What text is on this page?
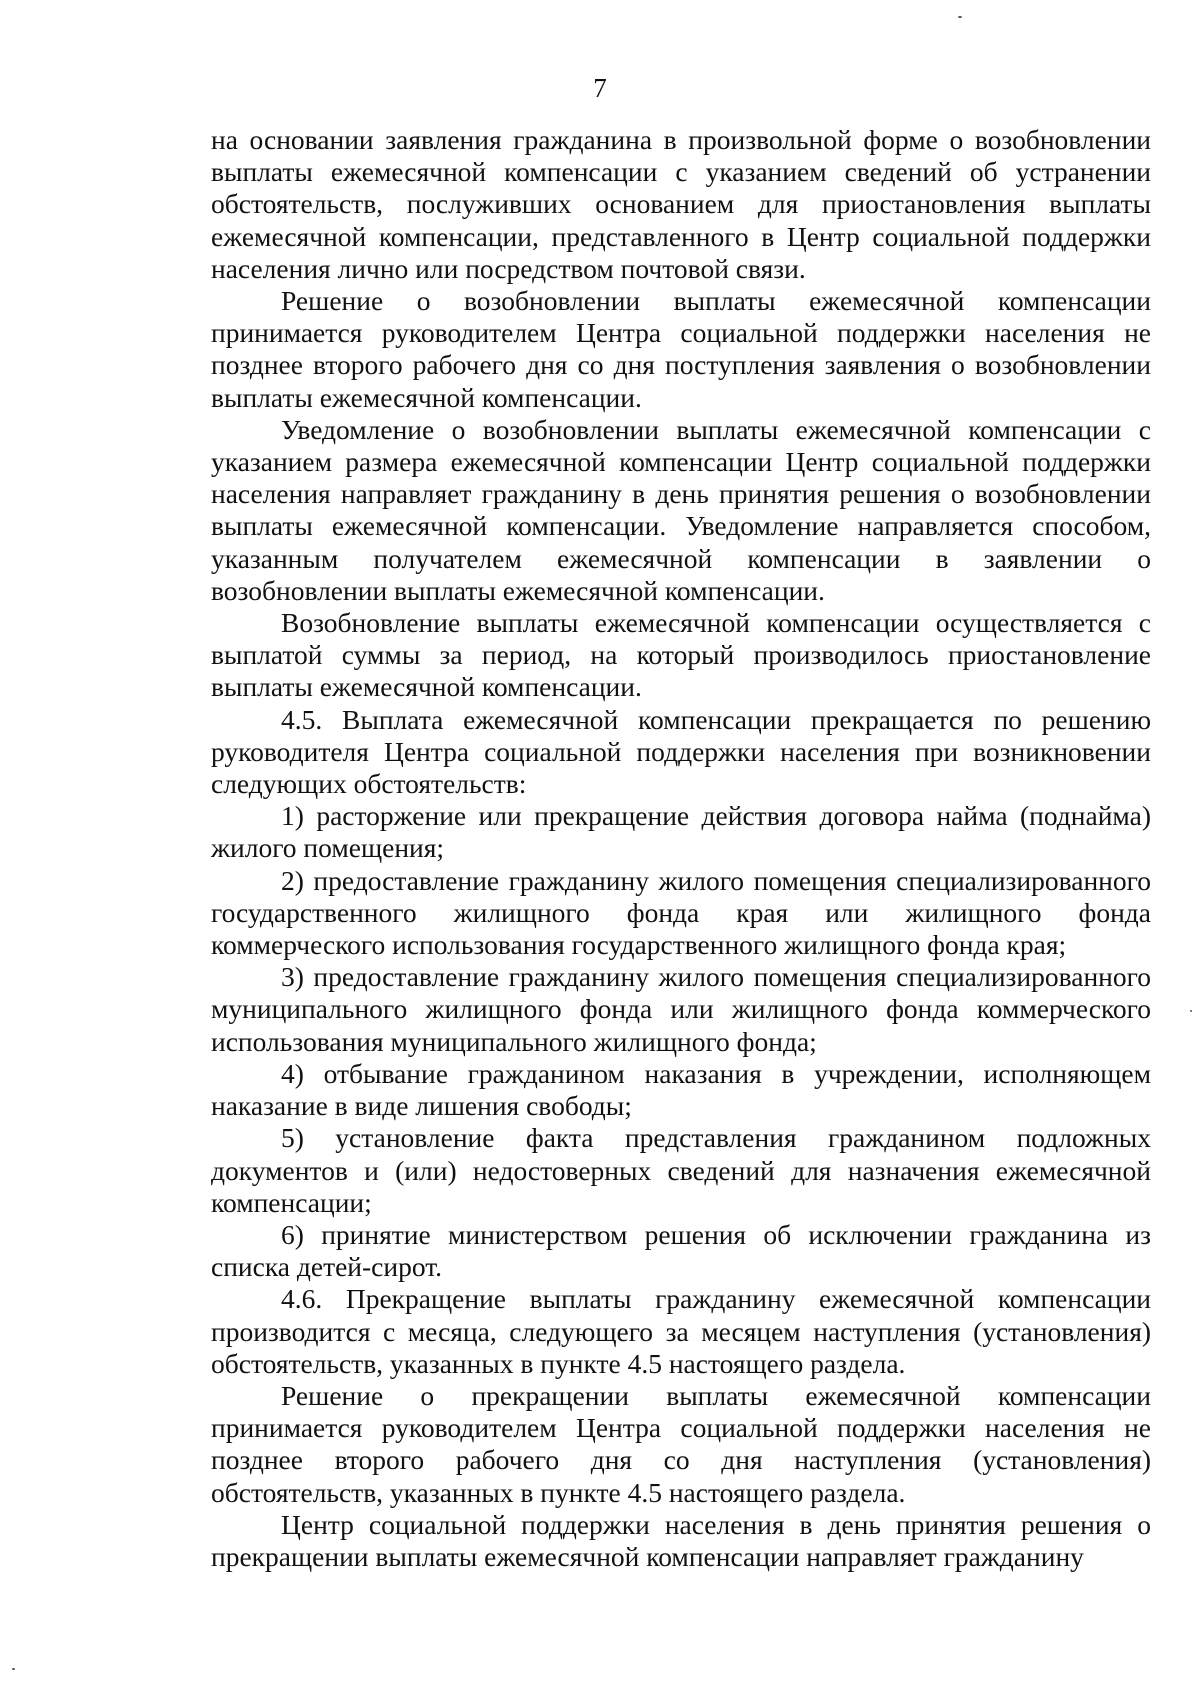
7

на основании заявления гражданина в произвольной форме о возобновлении выплаты ежемесячной компенсации с указанием сведений об устранении обстоятельств, послуживших основанием для приостановления выплаты ежемесячной компенсации, представленного в Центр социальной поддержки населения лично или посредством почтовой связи.

Решение о возобновлении выплаты ежемесячной компенсации принимается руководителем Центра социальной поддержки населения не позднее второго рабочего дня со дня поступления заявления о возобновлении выплаты ежемесячной компенсации.

Уведомление о возобновлении выплаты ежемесячной компенсации с указанием размера ежемесячной компенсации Центр социальной поддержки населения направляет гражданину в день принятия решения о возобновлении выплаты ежемесячной компенсации. Уведомление направляется способом, указанным получателем ежемесячной компенсации в заявлении о возобновлении выплаты ежемесячной компенсации.

Возобновление выплаты ежемесячной компенсации осуществляется с выплатой суммы за период, на который производилось приостановление выплаты ежемесячной компенсации.

4.5. Выплата ежемесячной компенсации прекращается по решению руководителя Центра социальной поддержки населения при возникновении следующих обстоятельств:

1) расторжение или прекращение действия договора найма (поднайма) жилого помещения;

2) предоставление гражданину жилого помещения специализированного государственного жилищного фонда края или жилищного фонда коммерческого использования государственного жилищного фонда края;

3) предоставление гражданину жилого помещения специализированного муниципального жилищного фонда или жилищного фонда коммерческого использования муниципального жилищного фонда;

4) отбывание гражданином наказания в учреждении, исполняющем наказание в виде лишения свободы;

5) установление факта представления гражданином подложных документов и (или) недостоверных сведений для назначения ежемесячной компенсации;

6) принятие министерством решения об исключении гражданина из списка детей-сирот.

4.6. Прекращение выплаты гражданину ежемесячной компенсации производится с месяца, следующего за месяцем наступления (установления) обстоятельств, указанных в пункте 4.5 настоящего раздела.

Решение о прекращении выплаты ежемесячной компенсации принимается руководителем Центра социальной поддержки населения не позднее второго рабочего дня со дня наступления (установления) обстоятельств, указанных в пункте 4.5 настоящего раздела.

Центр социальной поддержки населения в день принятия решения о прекращении выплаты ежемесячной компенсации направляет гражданину
